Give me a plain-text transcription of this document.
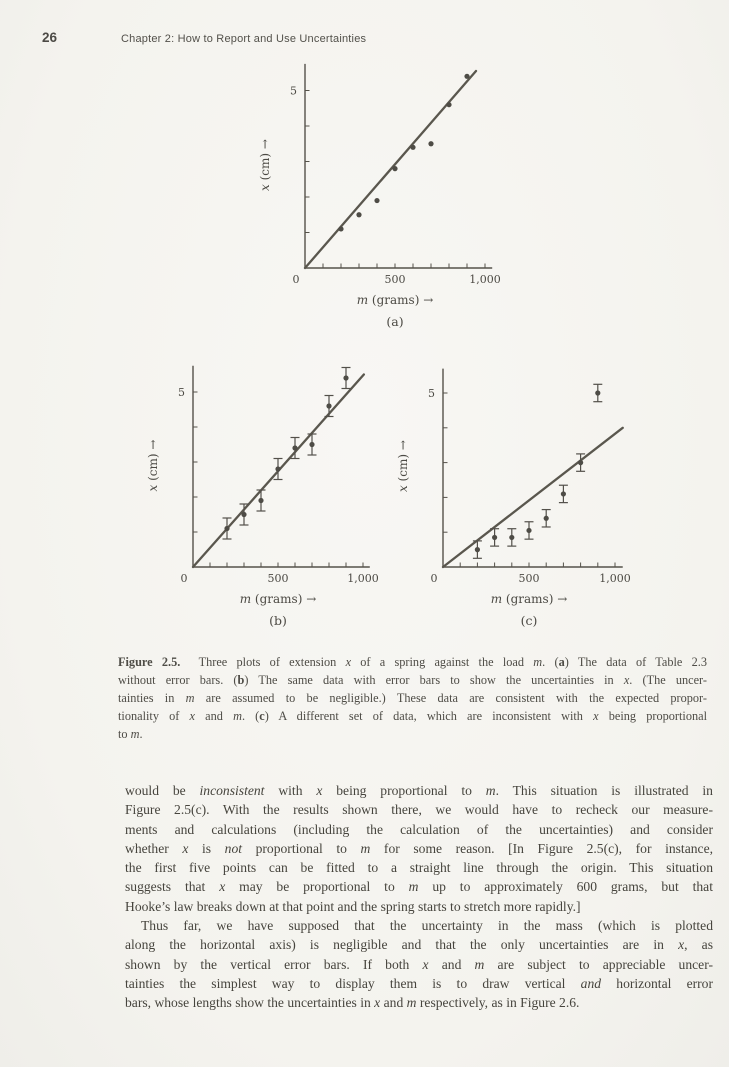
26	Chapter 2: How to Report and Use Uncertainties
0	500	1,000
5
m (grams) →
x (cm) →
(a)
0	500	1,000
5
m (grams) →
x (cm) →
(b)
0	500	1,000
5
m (grams) →
x (cm) →
(c)
Figure 2.5.  Three plots of extension x of a spring against the load m. (a) The data of Table 2.3
without error bars. (b) The same data with error bars to show the uncertainties in x. (The uncer-
tainties in m are assumed to be negligible.) These data are consistent with the expected propor-
tionality of x and m. (c) A different set of data, which are inconsistent with x being proportional
to m.
would be inconsistent with x being proportional to m. This situation is illustrated in
Figure 2.5(c). With the results shown there, we would have to recheck our measure-
ments and calculations (including the calculation of the uncertainties) and consider
whether x is not proportional to m for some reason. [In Figure 2.5(c), for instance,
the first five points can be fitted to a straight line through the origin. This situation
suggests that x may be proportional to m up to approximately 600 grams, but that
Hooke’s law breaks down at that point and the spring starts to stretch more rapidly.]
Thus far, we have supposed that the uncertainty in the mass (which is plotted
along the horizontal axis) is negligible and that the only uncertainties are in x, as
shown by the vertical error bars. If both x and m are subject to appreciable uncer-
tainties the simplest way to display them is to draw vertical and horizontal error
bars, whose lengths show the uncertainties in x and m respectively, as in Figure 2.6.
